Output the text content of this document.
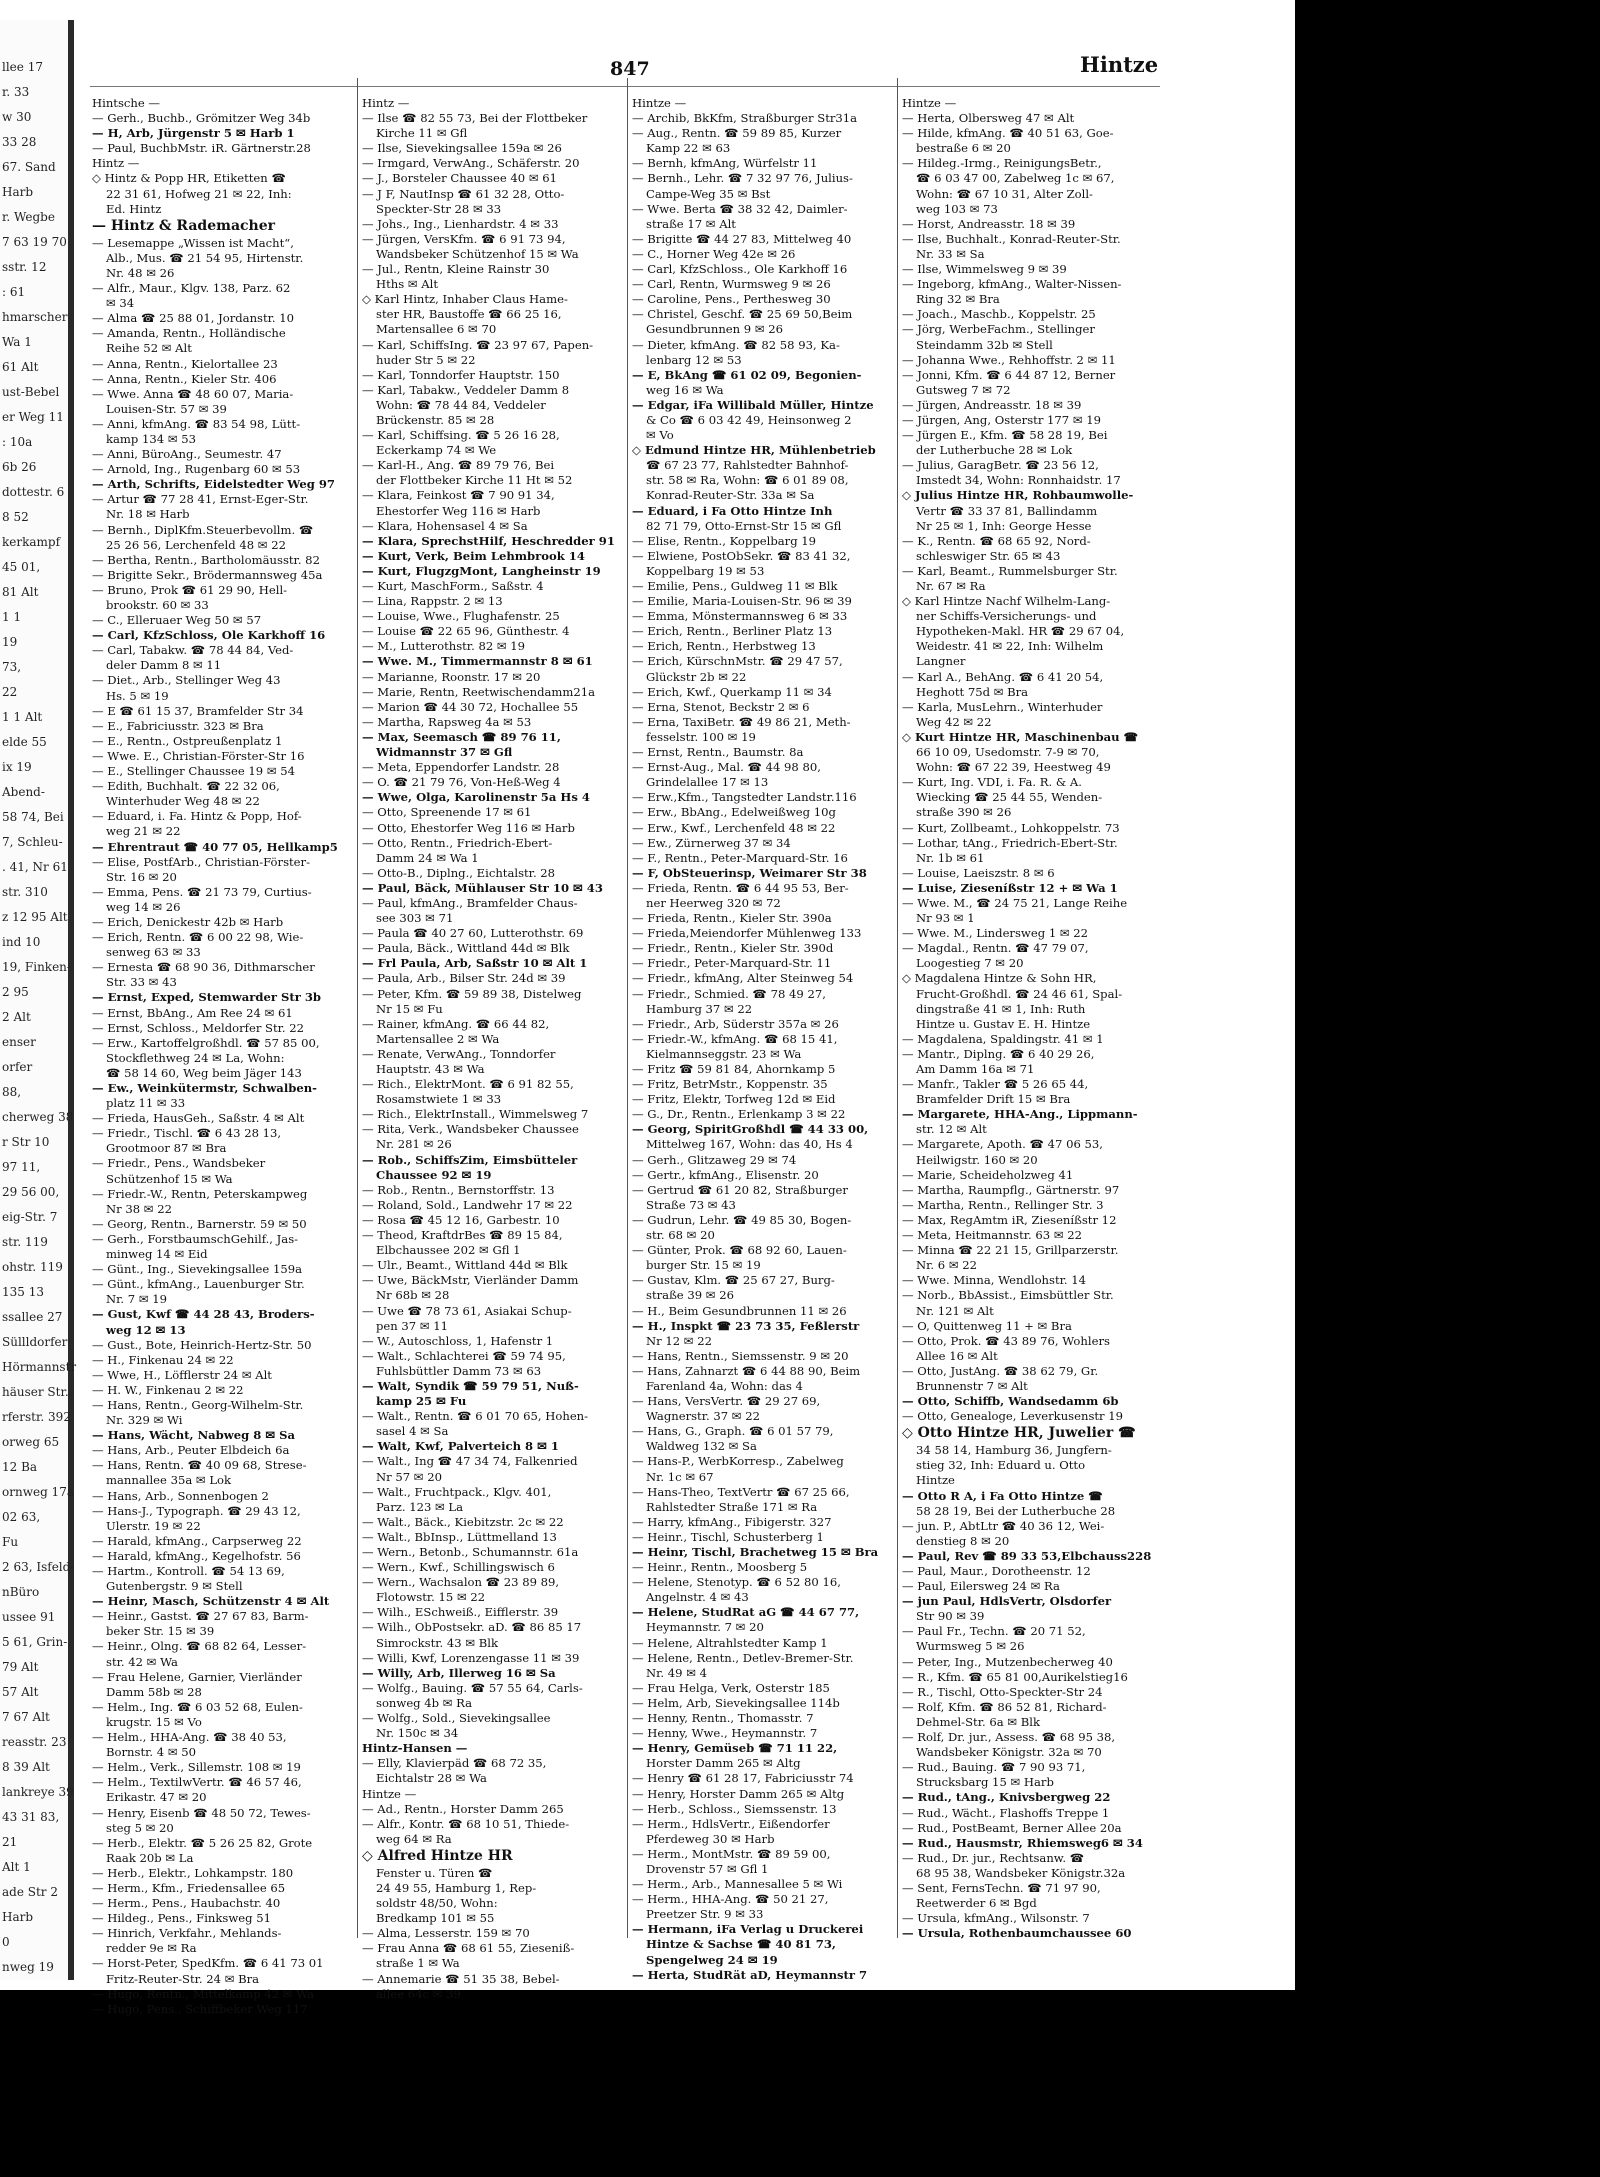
llee 17
r. 33
w 30
33 28
67. Sand
Harb
r. Wegbe
7 63 19 70
sstr. 12
: 61
hmarscher
Wa 1
61 Alt
ust-Bebel
er Weg 11
: 10a
6b 26
dottestr. 6
8 52
kerkampf
45 01,
81 Alt
1 1
19
73,
22
1 1 Alt
elde 55
ix 19
Abend-
58 74, Bei
7, Schleu-
. 41, Nr 61
str. 310
z 12 95 Alt
ind 10
19, Finken-
2 95
2 Alt
enser
orfer
88,
cherweg 38
r Str 10
97 11,
29 56 00,
eig-Str. 7
str. 119
ohstr. 119
135 13
ssallee 27
Süllldorfer
Hörmannstr
häuser Str.
rferstr. 392
orweg 65
12 Ba
ornweg 17a
02 63,
Fu
2 63, Isfeld-
nBüro
ussee 91
5 61, Grin-
79 Alt
57 Alt
7 67 Alt
reasstr. 23
8 39 Alt
lankreye 39
43 31 83,
21
Alt 1
ade Str 2
Harb
0
nweg 19
847	Hintze
Hintsche —
— Gerh., Buchb., Grömitzer Weg 34b
— H, Arb, Jürgenstr 5 ✉ Harb 1
— Paul, BuchbMstr. iR. Gärtnerstr.28
Hintz —
◇ Hintz & Popp HR, Etiketten ☎
22 31 61, Hofweg 21 ✉ 22, Inh:
Ed. Hintz
— Hintz & Rademacher
— Lesemappe „Wissen ist Macht“,
Alb., Mus. ☎ 21 54 95, Hirtenstr.
Nr. 48 ✉ 26
— Alfr., Maur., Klgv. 138, Parz. 62
✉ 34
— Alma ☎ 25 88 01, Jordanstr. 10
— Amanda, Rentn., Holländische
Reihe 52 ✉ Alt
— Anna, Rentn., Kielortallee 23
— Anna, Rentn., Kieler Str. 406
— Wwe. Anna ☎ 48 60 07, Maria-
Louisen-Str. 57 ✉ 39
— Anni, kfmAng. ☎ 83 54 98, Lütt-
kamp 134 ✉ 53
— Anni, BüroAng., Seumestr. 47
— Arnold, Ing., Rugenbarg 60 ✉ 53
— Arth, Schrifts, Eidelstedter Weg 97
— Artur ☎ 77 28 41, Ernst-Eger-Str.
Nr. 18 ✉ Harb
— Bernh., DiplKfm.Steuerbevollm. ☎
25 26 56, Lerchenfeld 48 ✉ 22
— Bertha, Rentn., Bartholomäusstr. 82
— Brigitte Sekr., Brödermannsweg 45a
— Bruno, Prok ☎ 61 29 90, Hell-
brookstr. 60 ✉ 33
— C., Elleruaer Weg 50 ✉ 57
— Carl, KfzSchloss, Ole Karkhoff 16
— Carl, Tabakw. ☎ 78 44 84, Ved-
deler Damm 8 ✉ 11
— Diet., Arb., Stellinger Weg 43
Hs. 5 ✉ 19
— E ☎ 61 15 37, Bramfelder Str 34
— E., Fabriciusstr. 323 ✉ Bra
— E., Rentn., Ostpreußenplatz 1
— Wwe. E., Christian-Förster-Str 16
— E., Stellinger Chaussee 19 ✉ 54
— Edith, Buchhalt. ☎ 22 32 06,
Winterhuder Weg 48 ✉ 22
— Eduard, i. Fa. Hintz & Popp, Hof-
weg 21 ✉ 22
— Ehrentraut ☎ 40 77 05, Hellkamp5
— Elise, PostfArb., Christian-Förster-
Str. 16 ✉ 20
— Emma, Pens. ☎ 21 73 79, Curtius-
weg 14 ✉ 26
— Erich, Denickestr 42b ✉ Harb
— Erich, Rentn. ☎ 6 00 22 98, Wie-
senweg 63 ✉ 33
— Ernesta ☎ 68 90 36, Dithmarscher
Str. 33 ✉ 43
— Ernst, Exped, Stemwarder Str 3b
— Ernst, BbAng., Am Ree 24 ✉ 61
— Ernst, Schloss., Meldorfer Str. 22
— Erw., Kartoffelgroßhdl. ☎ 57 85 00,
Stockflethweg 24 ✉ La, Wohn:
☎ 58 14 60, Weg beim Jäger 143
— Ew., Weinkütermstr, Schwalben-
platz 11 ✉ 33
— Frieda, HausGeh., Saßstr. 4 ✉ Alt
— Friedr., Tischl. ☎ 6 43 28 13,
Grootmoor 87 ✉ Bra
— Friedr., Pens., Wandsbeker
Schützenhof 15 ✉ Wa
— Friedr.-W., Rentn, Peterskampweg
Nr 38 ✉ 22
— Georg, Rentn., Barnerstr. 59 ✉ 50
— Gerh., ForstbaumschGehilf., Jas-
minweg 14 ✉ Eid
— Günt., Ing., Sievekingsallee 159a
— Günt., kfmAng., Lauenburger Str.
Nr. 7 ✉ 19
— Gust, Kwf ☎ 44 28 43, Broders-
weg 12 ✉ 13
— Gust., Bote, Heinrich-Hertz-Str. 50
— H., Finkenau 24 ✉ 22
— Wwe, H., Löfflerstr 24 ✉ Alt
— H. W., Finkenau 2 ✉ 22
— Hans, Rentn., Georg-Wilhelm-Str.
Nr. 329 ✉ Wi
— Hans, Wächt, Nabweg 8 ✉ Sa
— Hans, Arb., Peuter Elbdeich 6a
— Hans, Rentn. ☎ 40 09 68, Strese-
mannallee 35a ✉ Lok
— Hans, Arb., Sonnenbogen 2
— Hans-J., Typograph. ☎ 29 43 12,
Ulerstr. 19 ✉ 22
— Harald, kfmAng., Carpserweg 22
— Harald, kfmAng., Kegelhofstr. 56
— Hartm., Kontroll. ☎ 54 13 69,
Gutenbergstr. 9 ✉ Stell
— Heinr, Masch, Schützenstr 4 ✉ Alt
— Heinr., Gastst. ☎ 27 67 83, Barm-
beker Str. 15 ✉ 39
— Heinr., Olng. ☎ 68 82 64, Lesser-
str. 42 ✉ Wa
— Frau Helene, Garnier, Vierländer
Damm 58b ✉ 28
— Helm., Ing. ☎ 6 03 52 68, Eulen-
krugstr. 15 ✉ Vo
— Helm., HHA-Ang. ☎ 38 40 53,
Bornstr. 4 ✉ 50
— Helm., Verk., Sillemstr. 108 ✉ 19
— Helm., TextilwVertr. ☎ 46 57 46,
Erikastr. 47 ✉ 20
— Henry, Eisenb ☎ 48 50 72, Tewes-
steg 5 ✉ 20
— Herb., Elektr. ☎ 5 26 25 82, Grote
Raak 20b ✉ La
— Herb., Elektr., Lohkampstr. 180
— Herm., Kfm., Friedensallee 65
— Herm., Pens., Haubachstr. 40
— Hildeg., Pens., Finksweg 51
— Hinrich, Verkfahr., Mehlands-
redder 9e ✉ Ra
— Horst-Peter, SpedKfm. ☎ 6 41 73 01
Fritz-Reuter-Str. 24 ✉ Bra
— Hugo, Rentn., Mittelkamp 42 ✉ Wa
— Hugo, Pens., Schiffbeker Weg 117
Hintz —
— Ilse ☎ 82 55 73, Bei der Flottbeker
Kirche 11 ✉ Gfl
— Ilse, Sievekingsallee 159a ✉ 26
— Irmgard, VerwAng., Schäferstr. 20
— J., Borsteler Chaussee 40 ✉ 61
— J F, NautInsp ☎ 61 32 28, Otto-
Speckter-Str 28 ✉ 33
— Johs., Ing., Lienhardstr. 4 ✉ 33
— Jürgen, VersKfm. ☎ 6 91 73 94,
Wandsbeker Schützenhof 15 ✉ Wa
— Jul., Rentn, Kleine Rainstr 30
Hths ✉ Alt
◇ Karl Hintz, Inhaber Claus Hame-
ster HR, Baustoffe ☎ 66 25 16,
Martensallee 6 ✉ 70
— Karl, SchiffsIng. ☎ 23 97 67, Papen-
huder Str 5 ✉ 22
— Karl, Tonndorfer Hauptstr. 150
— Karl, Tabakw., Veddeler Damm 8
Wohn: ☎ 78 44 84, Veddeler
Brückenstr. 85 ✉ 28
— Karl, Schiffsing. ☎ 5 26 16 28,
Eckerkamp 74 ✉ We
— Karl-H., Ang. ☎ 89 79 76, Bei
der Flottbeker Kirche 11 Ht ✉ 52
— Klara, Feinkost ☎ 7 90 91 34,
Ehestorfer Weg 116 ✉ Harb
— Klara, Hohensasel 4 ✉ Sa
— Klara, SprechstHilf, Heschredder 91
— Kurt, Verk, Beim Lehmbrook 14
— Kurt, FlugzgMont, Langheinstr 19
— Kurt, MaschForm., Saßstr. 4
— Lina, Rappstr. 2 ✉ 13
— Louise, Wwe., Flughafenstr. 25
— Louise ☎ 22 65 96, Günthestr. 4
— M., Lutterothstr. 82 ✉ 19
— Wwe. M., Timmermannstr 8 ✉ 61
— Marianne, Roonstr. 17 ✉ 20
— Marie, Rentn, Reetwischendamm21a
— Marion ☎ 44 30 72, Hochallee 55
— Martha, Rapsweg 4a ✉ 53
— Max, Seemasch ☎ 89 76 11,
Widmannstr 37 ✉ Gfl
— Meta, Eppendorfer Landstr. 28
— O. ☎ 21 79 76, Von-Heß-Weg 4
— Wwe, Olga, Karolinenstr 5a Hs 4
— Otto, Spreenende 17 ✉ 61
— Otto, Ehestorfer Weg 116 ✉ Harb
— Otto, Rentn., Friedrich-Ebert-
Damm 24 ✉ Wa 1
— Otto-B., Diplng., Eichtalstr. 28
— Paul, Bäck, Mühlauser Str 10 ✉ 43
— Paul, kfmAng., Bramfelder Chaus-
see 303 ✉ 71
— Paula ☎ 40 27 60, Lutterothstr. 69
— Paula, Bäck., Wittland 44d ✉ Blk
— Frl Paula, Arb, Saßstr 10 ✉ Alt 1
— Paula, Arb., Bilser Str. 24d ✉ 39
— Peter, Kfm. ☎ 59 89 38, Distelweg
Nr 15 ✉ Fu
— Rainer, kfmAng. ☎ 66 44 82,
Martensallee 2 ✉ Wa
— Renate, VerwAng., Tonndorfer
Hauptstr. 43 ✉ Wa
— Rich., ElektrMont. ☎ 6 91 82 55,
Rosamstwiete 1 ✉ 33
— Rich., ElektrInstall., Wimmelsweg 7
— Rita, Verk., Wandsbeker Chaussee
Nr. 281 ✉ 26
— Rob., SchiffsZim, Eimsbütteler
Chaussee 92 ✉ 19
— Rob., Rentn., Bernstorffstr. 13
— Roland, Sold., Landwehr 17 ✉ 22
— Rosa ☎ 45 12 16, Garbestr. 10
— Theod, KraftdrBes ☎ 89 15 84,
Elbchaussee 202 ✉ Gfl 1
— Ulr., Beamt., Wittland 44d ✉ Blk
— Uwe, BäckMstr, Vierländer Damm
Nr 68b ✉ 28
— Uwe ☎ 78 73 61, Asiakai Schup-
pen 37 ✉ 11
— W., Autoschloss, 1, Hafenstr 1
— Walt., Schlachterei ☎ 59 74 95,
Fuhlsbüttler Damm 73 ✉ 63
— Walt, Syndik ☎ 59 79 51, Nuß-
kamp 25 ✉ Fu
— Walt., Rentn. ☎ 6 01 70 65, Hohen-
sasel 4 ✉ Sa
— Walt, Kwf, Palverteich 8 ✉ 1
— Walt., Ing ☎ 47 34 74, Falkenried
Nr 57 ✉ 20
— Walt., Fruchtpack., Klgv. 401,
Parz. 123 ✉ La
— Walt., Bäck., Kiebitzstr. 2c ✉ 22
— Walt., BbInsp., Lüttmelland 13
— Wern., Betonb., Schumannstr. 61a
— Wern., Kwf., Schillingswisch 6
— Wern., Wachsalon ☎ 23 89 89,
Flotowstr. 15 ✉ 22
— Wilh., ESchweiß., Eifflerstr. 39
— Wilh., ObPostsekr. aD. ☎ 86 85 17
Simrockstr. 43 ✉ Blk
— Willi, Kwf, Lorenzengasse 11 ✉ 39
— Willy, Arb, Illerweg 16 ✉ Sa
— Wolfg., Bauing. ☎ 57 55 64, Carls-
sonweg 4b ✉ Ra
— Wolfg., Sold., Sievekingsallee
Nr. 150c ✉ 34
Hintz-Hansen —
— Elly, Klavierpäd ☎ 68 72 35,
Eichtalstr 28 ✉ Wa
Hintze —
— Ad., Rentn., Horster Damm 265
— Alfr., Kontr. ☎ 68 10 51, Thiede-
weg 64 ✉ Ra
◇ Alfred Hintze HR
Fenster u. Türen ☎
24 49 55, Hamburg 1, Rep-
soldstr 48/50, Wohn:
Bredkamp 101 ✉ 55
— Alma, Lesserstr. 159 ✉ 70
— Frau Anna ☎ 68 61 55, Zieseniß-
straße 1 ✉ Wa
— Annemarie ☎ 51 35 38, Bebel-
allee 64c ✉ 39
Hintze —
— Archib, BkKfm, Straßburger Str31a
— Aug., Rentn. ☎ 59 89 85, Kurzer
Kamp 22 ✉ 63
— Bernh, kfmAng, Würfelstr 11
— Bernh., Lehr. ☎ 7 32 97 76, Julius-
Campe-Weg 35 ✉ Bst
— Wwe. Berta ☎ 38 32 42, Daimler-
straße 17 ✉ Alt
— Brigitte ☎ 44 27 83, Mittelweg 40
— C., Horner Weg 42e ✉ 26
— Carl, KfzSchloss., Ole Karkhoff 16
— Carl, Rentn, Wurmsweg 9 ✉ 26
— Caroline, Pens., Perthesweg 30
— Christel, Geschf. ☎ 25 69 50,Beim
Gesundbrunnen 9 ✉ 26
— Dieter, kfmAng. ☎ 82 58 93, Ka-
lenbarg 12 ✉ 53
— E, BkAng ☎ 61 02 09, Begonien-
weg 16 ✉ Wa
— Edgar, iFa Willibald Müller, Hintze
& Co ☎ 6 03 42 49, Heinsonweg 2
✉ Vo
◇ Edmund Hintze HR, Mühlenbetrieb
☎ 67 23 77, Rahlstedter Bahnhof-
str. 58 ✉ Ra, Wohn: ☎ 6 01 89 08,
Konrad-Reuter-Str. 33a ✉ Sa
— Eduard, i Fa Otto Hintze Inh
82 71 79, Otto-Ernst-Str 15 ✉ Gfl
— Elise, Rentn., Koppelbarg 19
— Elwiene, PostObSekr. ☎ 83 41 32,
Koppelbarg 19 ✉ 53
— Emilie, Pens., Guldweg 11 ✉ Blk
— Emilie, Maria-Louisen-Str. 96 ✉ 39
— Emma, Mönstermannsweg 6 ✉ 33
— Erich, Rentn., Berliner Platz 13
— Erich, Rentn., Herbstweg 13
— Erich, KürschnMstr. ☎ 29 47 57,
Glückstr 2b ✉ 22
— Erich, Kwf., Querkamp 11 ✉ 34
— Erna, Stenot, Beckstr 2 ✉ 6
— Erna, TaxiBetr. ☎ 49 86 21, Meth-
fesselstr. 100 ✉ 19
— Ernst, Rentn., Baumstr. 8a
— Ernst-Aug., Mal. ☎ 44 98 80,
Grindelallee 17 ✉ 13
— Erw.,Kfm., Tangstedter Landstr.116
— Erw., BbAng., Edelweißweg 10g
— Erw., Kwf., Lerchenfeld 48 ✉ 22
— Ew., Zürnerweg 37 ✉ 34
— F., Rentn., Peter-Marquard-Str. 16
— F, ObSteuerinsp, Weimarer Str 38
— Frieda, Rentn. ☎ 6 44 95 53, Ber-
ner Heerweg 320 ✉ 72
— Frieda, Rentn., Kieler Str. 390a
— Frieda,Meiendorfer Mühlenweg 133
— Friedr., Rentn., Kieler Str. 390d
— Friedr., Peter-Marquard-Str. 11
— Friedr., kfmAng, Alter Steinweg 54
— Friedr., Schmied. ☎ 78 49 27,
Hamburg 37 ✉ 22
— Friedr., Arb, Süderstr 357a ✉ 26
— Friedr.-W., kfmAng. ☎ 68 15 41,
Kielmannseggstr. 23 ✉ Wa
— Fritz ☎ 59 81 84, Ahornkamp 5
— Fritz, BetrMstr., Koppenstr. 35
— Fritz, Elektr, Torfweg 12d ✉ Eid
— G., Dr., Rentn., Erlenkamp 3 ✉ 22
— Georg, SpiritGroßhdl ☎ 44 33 00,
Mittelweg 167, Wohn: das 40, Hs 4
— Gerh., Glitzaweg 29 ✉ 74
— Gertr., kfmAng., Elisenstr. 20
— Gertrud ☎ 61 20 82, Straßburger
Straße 73 ✉ 43
— Gudrun, Lehr. ☎ 49 85 30, Bogen-
str. 68 ✉ 20
— Günter, Prok. ☎ 68 92 60, Lauen-
burger Str. 15 ✉ 19
— Gustav, Klm. ☎ 25 67 27, Burg-
straße 39 ✉ 26
— H., Beim Gesundbrunnen 11 ✉ 26
— H., Inspkt ☎ 23 73 35, Feßlerstr
Nr 12 ✉ 22
— Hans, Rentn., Siemssenstr. 9 ✉ 20
— Hans, Zahnarzt ☎ 6 44 88 90, Beim
Farenland 4a, Wohn: das 4
— Hans, VersVertr. ☎ 29 27 69,
Wagnerstr. 37 ✉ 22
— Hans, G., Graph. ☎ 6 01 57 79,
Waldweg 132 ✉ Sa
— Hans-P., WerbKorresp., Zabelweg
Nr. 1c ✉ 67
— Hans-Theo, TextVertr ☎ 67 25 66,
Rahlstedter Straße 171 ✉ Ra
— Harry, kfmAng., Fibigerstr. 327
— Heinr., Tischl, Schusterberg 1
— Heinr, Tischl, Brachetweg 15 ✉ Bra
— Heinr., Rentn., Moosberg 5
— Helene, Stenotyp. ☎ 6 52 80 16,
Angelnstr. 4 ✉ 43
— Helene, StudRat aG ☎ 44 67 77,
Heymannstr. 7 ✉ 20
— Helene, Altrahlstedter Kamp 1
— Helene, Rentn., Detlev-Bremer-Str.
Nr. 49 ✉ 4
— Frau Helga, Verk, Osterstr 185
— Helm, Arb, Sievekingsallee 114b
— Henny, Rentn., Thomasstr. 7
— Henny, Wwe., Heymannstr. 7
— Henry, Gemüseb ☎ 71 11 22,
Horster Damm 265 ✉ Altg
— Henry ☎ 61 28 17, Fabriciusstr 74
— Henry, Horster Damm 265 ✉ Altg
— Herb., Schloss., Siemssenstr. 13
— Herm., HdlsVertr., Eißendorfer
Pferdeweg 30 ✉ Harb
— Herm., MontMstr. ☎ 89 59 00,
Drovenstr 57 ✉ Gfl 1
— Herm., Arb., Mannesallee 5 ✉ Wi
— Herm., HHA-Ang. ☎ 50 21 27,
Preetzer Str. 9 ✉ 33
— Hermann, iFa Verlag u Druckerei
Hintze & Sachse ☎ 40 81 73,
Spengelweg 24 ✉ 19
— Herta, StudRät aD, Heymannstr 7
Hintze —
— Herta, Olbersweg 47 ✉ Alt
— Hilde, kfmAng. ☎ 40 51 63, Goe-
bestraße 6 ✉ 20
— Hildeg.-Irmg., ReinigungsBetr.,
☎ 6 03 47 00, Zabelweg 1c ✉ 67,
Wohn: ☎ 67 10 31, Alter Zoll-
weg 103 ✉ 73
— Horst, Andreasstr. 18 ✉ 39
— Ilse, Buchhalt., Konrad-Reuter-Str.
Nr. 33 ✉ Sa
— Ilse, Wimmelsweg 9 ✉ 39
— Ingeborg, kfmAng., Walter-Nissen-
Ring 32 ✉ Bra
— Joach., Maschb., Koppelstr. 25
— Jörg, WerbeFachm., Stellinger
Steindamm 32b ✉ Stell
— Johanna Wwe., Rehhoffstr. 2 ✉ 11
— Jonni, Kfm. ☎ 6 44 87 12, Berner
Gutsweg 7 ✉ 72
— Jürgen, Andreasstr. 18 ✉ 39
— Jürgen, Ang, Osterstr 177 ✉ 19
— Jürgen E., Kfm. ☎ 58 28 19, Bei
der Lutherbuche 28 ✉ Lok
— Julius, GaragBetr. ☎ 23 56 12,
Imstedt 34, Wohn: Ronnhaidstr. 17
◇ Julius Hintze HR, Rohbaumwolle-
Vertr ☎ 33 37 81, Ballindamm
Nr 25 ✉ 1, Inh: George Hesse
— K., Rentn. ☎ 68 65 92, Nord-
schleswiger Str. 65 ✉ 43
— Karl, Beamt., Rummelsburger Str.
Nr. 67 ✉ Ra
◇ Karl Hintze Nachf Wilhelm-Lang-
ner Schiffs-Versicherungs- und
Hypotheken-Makl. HR ☎ 29 67 04,
Weidestr. 41 ✉ 22, Inh: Wilhelm
Langner
— Karl A., BehAng. ☎ 6 41 20 54,
Heghott 75d ✉ Bra
— Karla, MusLehrn., Winterhuder
Weg 42 ✉ 22
◇ Kurt Hintze HR, Maschinenbau ☎
66 10 09, Usedomstr. 7-9 ✉ 70,
Wohn: ☎ 67 22 39, Heestweg 49
— Kurt, Ing. VDI, i. Fa. R. & A.
Wiecking ☎ 25 44 55, Wenden-
straße 390 ✉ 26
— Kurt, Zollbeamt., Lohkoppelstr. 73
— Lothar, tAng., Friedrich-Ebert-Str.
Nr. 1b ✉ 61
— Louise, Laeiszstr. 8 ✉ 6
— Luise, Zieseníßstr 12 + ✉ Wa 1
— Wwe. M., ☎ 24 75 21, Lange Reihe
Nr 93 ✉ 1
— Wwe. M., Lindersweg 1 ✉ 22
— Magdal., Rentn. ☎ 47 79 07,
Loogestieg 7 ✉ 20
◇ Magdalena Hintze & Sohn HR,
Frucht-Großhdl. ☎ 24 46 61, Spal-
dingstraße 41 ✉ 1, Inh: Ruth
Hintze u. Gustav E. H. Hintze
— Magdalena, Spaldingstr. 41 ✉ 1
— Mantr., Diplng. ☎ 6 40 29 26,
Am Damm 16a ✉ 71
— Manfr., Takler ☎ 5 26 65 44,
Bramfelder Drift 15 ✉ Bra
— Margarete, HHA-Ang., Lippmann-
str. 12 ✉ Alt
— Margarete, Apoth. ☎ 47 06 53,
Heilwigstr. 160 ✉ 20
— Marie, Scheideholzweg 41
— Martha, Raumpflg., Gärtnerstr. 97
— Martha, Rentn., Rellinger Str. 3
— Max, RegAmtm iR, Zieseníßstr 12
— Meta, Heitmannstr. 63 ✉ 22
— Minna ☎ 22 21 15, Grillparzerstr.
Nr. 6 ✉ 22
— Wwe. Minna, Wendlohstr. 14
— Norb., BbAssist., Eimsbüttler Str.
Nr. 121 ✉ Alt
— O, Quittenweg 11 + ✉ Bra
— Otto, Prok. ☎ 43 89 76, Wohlers
Allee 16 ✉ Alt
— Otto, JustAng. ☎ 38 62 79, Gr.
Brunnenstr 7 ✉ Alt
— Otto, Schiffb, Wandsedamm 6b
— Otto, Genealoge, Leverkusenstr 19
◇ Otto Hintze HR, Juwelier ☎
34 58 14, Hamburg 36, Jungfern-
stieg 32, Inh: Eduard u. Otto
Hintze
— Otto R A, i Fa Otto Hintze ☎
58 28 19, Bei der Lutherbuche 28
— jun. P., AbtLtr ☎ 40 36 12, Wei-
denstieg 8 ✉ 20
— Paul, Rev ☎ 89 33 53,Elbchauss228
— Paul, Maur., Dorotheenstr. 12
— Paul, Eilersweg 24 ✉ Ra
— jun Paul, HdlsVertr, Olsdorfer
Str 90 ✉ 39
— Paul Fr., Techn. ☎ 20 71 52,
Wurmsweg 5 ✉ 26
— Peter, Ing., Mutzenbecherweg 40
— R., Kfm. ☎ 65 81 00,Aurikelstieg16
— R., Tischl, Otto-Speckter-Str 24
— Rolf, Kfm. ☎ 86 52 81, Richard-
Dehmel-Str. 6a ✉ Blk
— Rolf, Dr. jur., Assess. ☎ 68 95 38,
Wandsbeker Königstr. 32a ✉ 70
— Rud., Bauing. ☎ 7 90 93 71,
Strucksbarg 15 ✉ Harb
— Rud., tAng., Knivsbergweg 22
— Rud., Wächt., Flashoffs Treppe 1
— Rud., PostBeamt, Berner Allee 20a
— Rud., Hausmstr, Rhiemsweg6 ✉ 34
— Rud., Dr. jur., Rechtsanw. ☎
68 95 38, Wandsbeker Königstr.32a
— Sent, FernsTechn. ☎ 71 97 90,
Reetwerder 6 ✉ Bgd
— Ursula, kfmAng., Wilsonstr. 7
— Ursula, Rothenbaumchaussee 60
